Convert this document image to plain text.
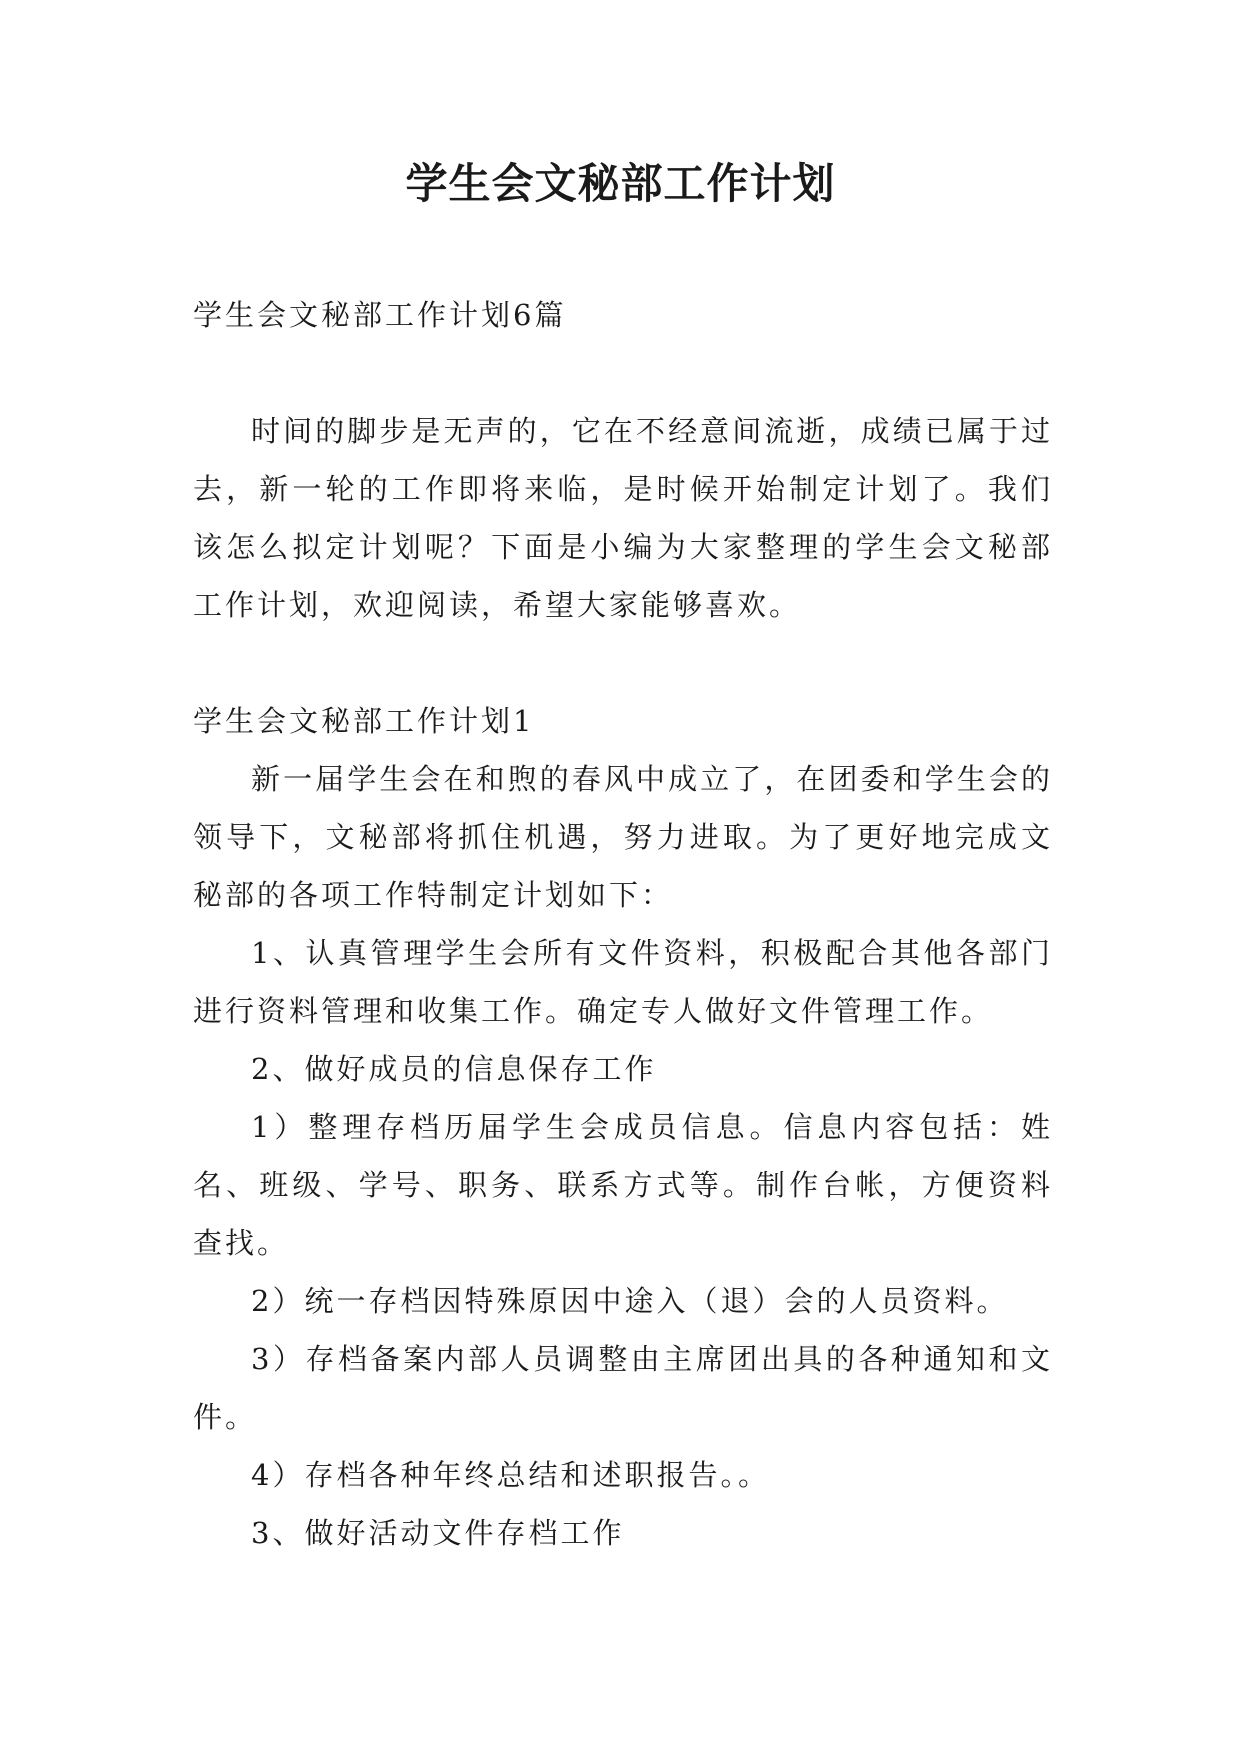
学生会文秘部工作计划

学生会文秘部工作计划6篇

时间的脚步是无声的，它在不经意间流逝，成绩已属于过去，新一轮的工作即将来临，是时候开始制定计划了。我们该怎么拟定计划呢？下面是小编为大家整理的学生会文秘部工作计划，欢迎阅读，希望大家能够喜欢。

学生会文秘部工作计划1

新一届学生会在和煦的春风中成立了，在团委和学生会的领导下，文秘部将抓住机遇，努力进取。为了更好地完成文秘部的各项工作特制定计划如下：

1、认真管理学生会所有文件资料，积极配合其他各部门进行资料管理和收集工作。确定专人做好文件管理工作。

2、做好成员的信息保存工作

1）整理存档历届学生会成员信息。信息内容包括：姓名、班级、学号、职务、联系方式等。制作台帐，方便资料查找。

2）统一存档因特殊原因中途入（退）会的人员资料。

3）存档备案内部人员调整由主席团出具的各种通知和文件。

4）存档各种年终总结和述职报告。。

3、做好活动文件存档工作
